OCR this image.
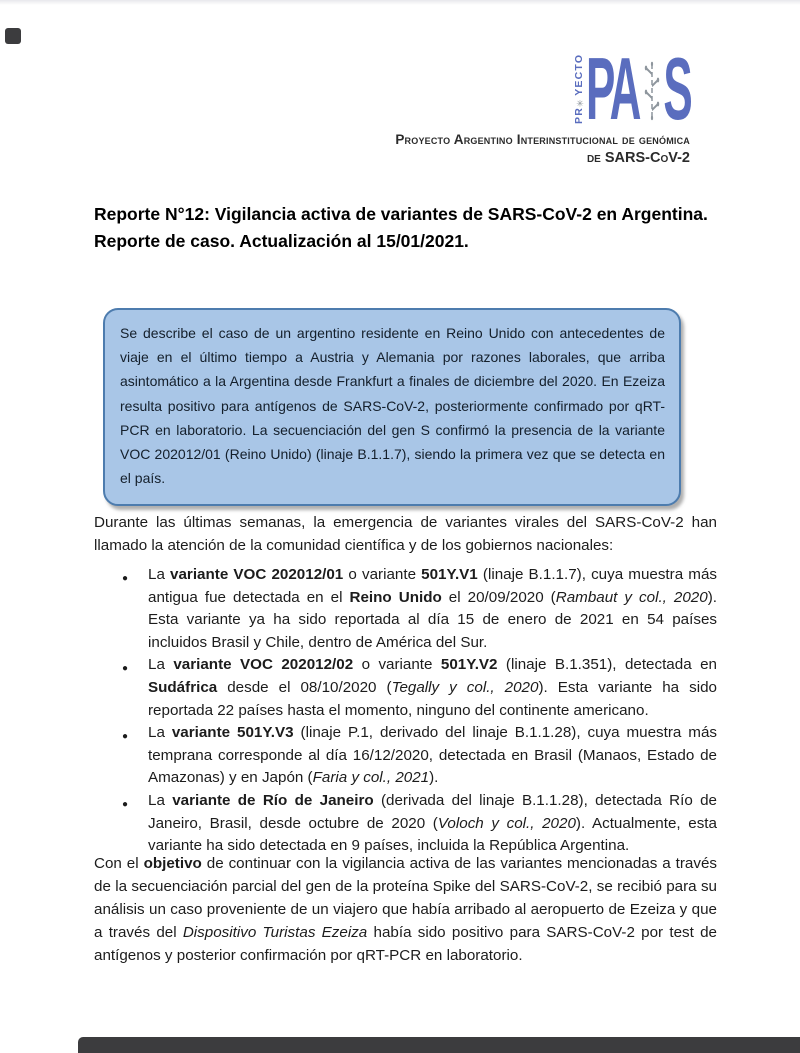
PR✳YECTO PA S
Proyecto Argentino Interinstitucional de genómica
de SARS-CoV-2
Reporte N°12: Vigilancia activa de variantes de SARS-CoV-2 en Argentina. Reporte de caso. Actualización al 15/01/2021.
Se describe el caso de un argentino residente en Reino Unido con antecedentes de viaje en el último tiempo a Austria y Alemania por razones laborales, que arriba asintomático a la Argentina desde Frankfurt a finales de diciembre del 2020. En Ezeiza resulta positivo para antígenos de SARS-CoV-2, posteriormente confirmado por qRT-PCR en laboratorio. La secuenciación del gen S confirmó la presencia de la variante VOC 202012/01 (Reino Unido) (linaje B.1.1.7), siendo la primera vez que se detecta en el país.
Durante las últimas semanas, la emergencia de variantes virales del SARS-CoV-2 han llamado la atención de la comunidad científica y de los gobiernos nacionales:
● La variante VOC 202012/01 o variante 501Y.V1 (linaje B.1.1.7), cuya muestra más antigua fue detectada en el Reino Unido el 20/09/2020 (Rambaut y col., 2020). Esta variante ya ha sido reportada al día 15 de enero de 2021 en 54 países incluidos Brasil y Chile, dentro de América del Sur.
● La variante VOC 202012/02 o variante 501Y.V2 (linaje B.1.351), detectada en Sudáfrica desde el 08/10/2020 (Tegally y col., 2020). Esta variante ha sido reportada 22 países hasta el momento, ninguno del continente americano.
● La variante 501Y.V3 (linaje P.1, derivado del linaje B.1.1.28), cuya muestra más temprana corresponde al día 16/12/2020, detectada en Brasil (Manaos, Estado de Amazonas) y en Japón (Faria y col., 2021).
● La variante de Río de Janeiro (derivada del linaje B.1.1.28), detectada Río de Janeiro, Brasil, desde octubre de 2020 (Voloch y col., 2020). Actualmente, esta variante ha sido detectada en 9 países, incluida la República Argentina.
Con el objetivo de continuar con la vigilancia activa de las variantes mencionadas a través de la secuenciación parcial del gen de la proteína Spike del SARS-CoV-2, se recibió para su análisis un caso proveniente de un viajero que había arribado al aeropuerto de Ezeiza y que a través del Dispositivo Turistas Ezeiza había sido positivo para SARS-CoV-2 por test de antígenos y posterior confirmación por qRT-PCR en laboratorio.
